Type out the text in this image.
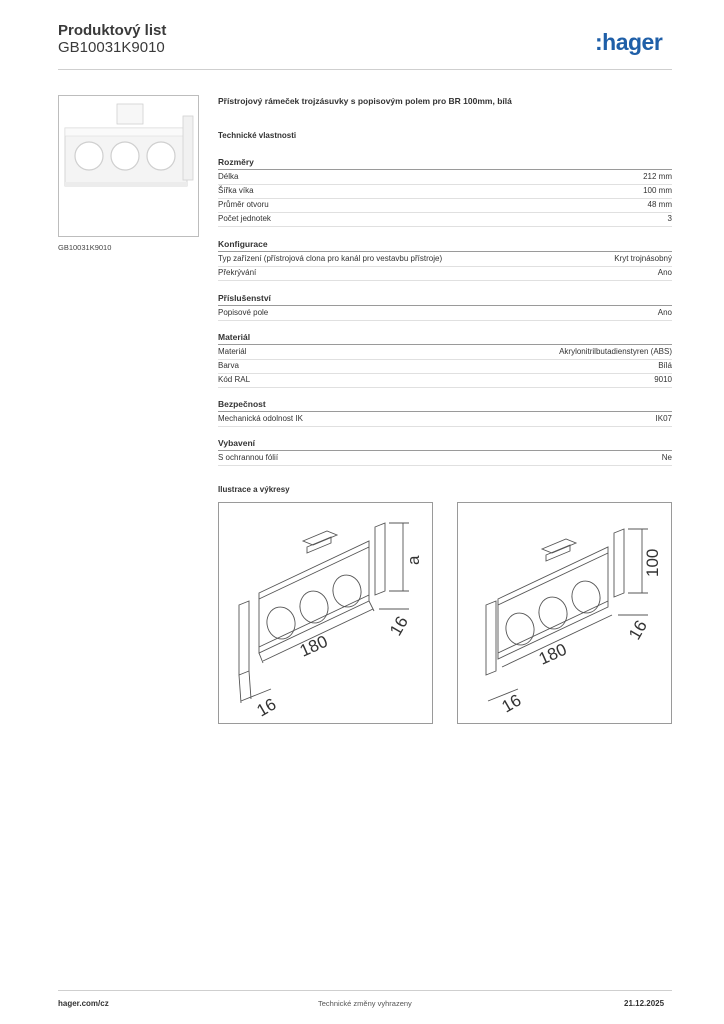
Produktový list
GB10031K9010	:hager
GB10031K9010
Přístrojový rámeček trojzásuvky s popisovým polem pro BR 100mm, bílá
Technické vlastnosti
Rozměry
Délka	212 mm
Šířka víka	100 mm
Průměr otvoru	48 mm
Počet jednotek	3
Konfigurace
Typ zařízení (přístrojová clona pro kanál pro vestavbu přístroje)	Kryt trojnásobný
Překrývání	Ano
Příslušenství
Popisové pole	Ano
Materiál
Materiál	Akrylonitrilbutadienstyren (ABS)
Barva	Bílá
Kód RAL	9010
Bezpečnost
Mechanická odolnost IK	IK07
Vybavení
S ochrannou fólií	Ne
Ilustrace a výkresy
a
180
16
16
100
180
16
16
hager.com/cz	Technické změny vyhrazeny	21.12.2025
